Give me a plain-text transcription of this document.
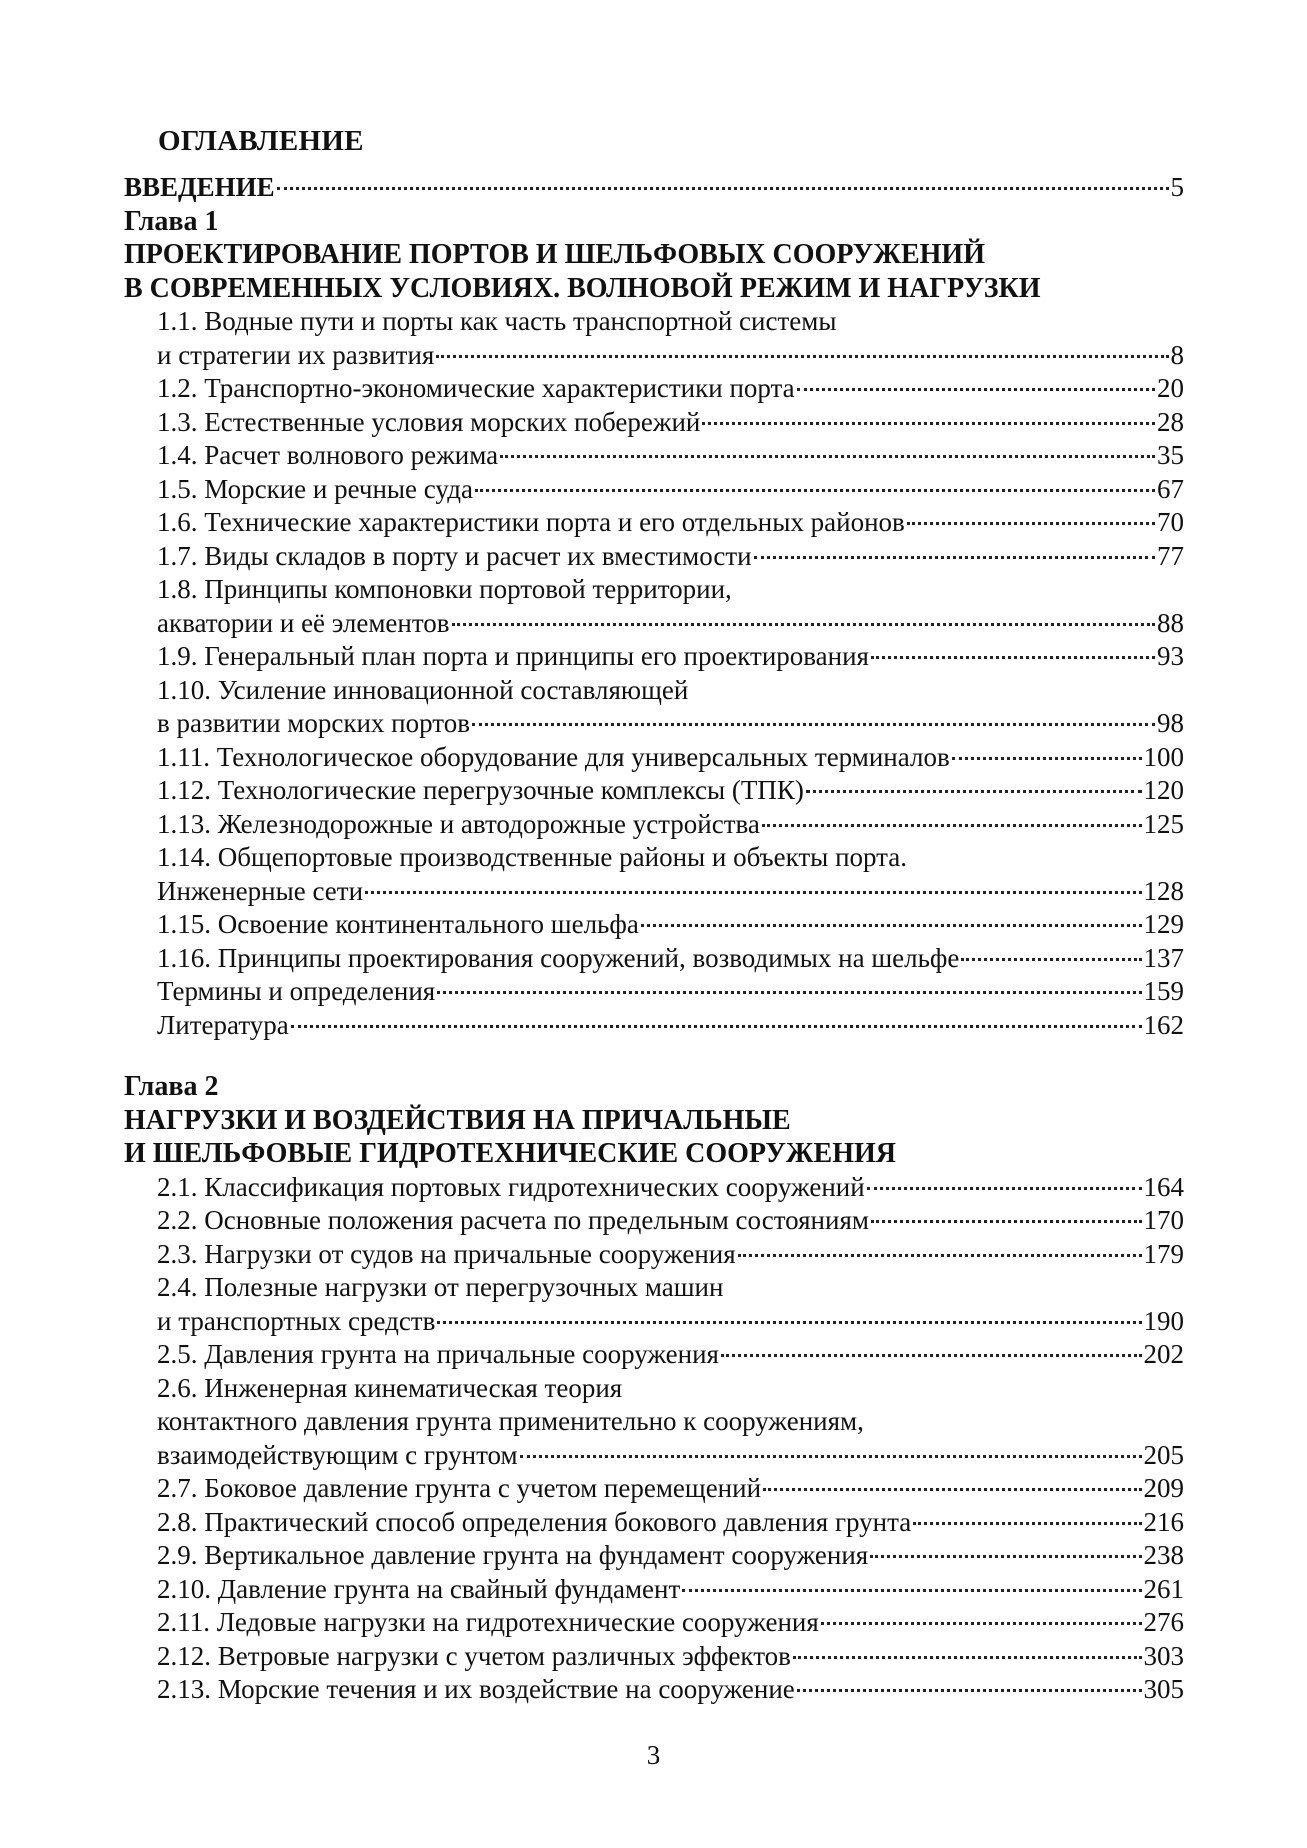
ОГЛАВЛЕНИЕ
ВВЕДЕНИЕ	5
Глава 1
ПРОЕКТИРОВАНИЕ ПОРТОВ И ШЕЛЬФОВЫХ СООРУЖЕНИЙ
В СОВРЕМЕННЫХ УСЛОВИЯХ. ВОЛНОВОЙ РЕЖИМ И НАГРУЗКИ
1.1. Водные пути и порты как часть транспортной системы
и стратегии их развития	8
1.2. Транспортно-экономические характеристики порта	20
1.3. Естественные условия морских побережий	28
1.4. Расчет волнового режима	35
1.5. Морские и речные суда	67
1.6. Технические характеристики порта и его отдельных районов	70
1.7. Виды складов в порту и расчет их вместимости	77
1.8. Принципы компоновки портовой территории,
акватории и её элементов	88
1.9. Генеральный план порта и принципы его проектирования	93
1.10. Усиление инновационной составляющей
в развитии морских портов	98
1.11. Технологическое оборудование для универсальных терминалов	100
1.12. Технологические перегрузочные комплексы (ТПК)	120
1.13. Железнодорожные и автодорожные устройства	125
1.14. Общепортовые производственные районы и объекты порта.
Инженерные сети	128
1.15. Освоение континентального шельфа	129
1.16. Принципы проектирования сооружений, возводимых на шельфе	137
Термины и определения	159
Литература	162
Глава 2
НАГРУЗКИ И ВОЗДЕЙСТВИЯ НА ПРИЧАЛЬНЫЕ
И ШЕЛЬФОВЫЕ ГИДРОТЕХНИЧЕСКИЕ СООРУЖЕНИЯ
2.1. Классификация портовых гидротехнических сооружений	164
2.2. Основные положения расчета по предельным состояниям	170
2.3. Нагрузки от судов на причальные сооружения	179
2.4. Полезные нагрузки от перегрузочных машин
и транспортных средств	190
2.5. Давления грунта на причальные сооружения	202
2.6. Инженерная кинематическая теория
контактного давления грунта применительно к сооружениям,
взаимодействующим с грунтом	205
2.7. Боковое давление грунта с учетом перемещений	209
2.8. Практический способ определения бокового давления грунта	216
2.9. Вертикальное давление грунта на фундамент сооружения	238
2.10. Давление грунта на свайный фундамент	261
2.11. Ледовые нагрузки на гидротехнические сооружения	276
2.12. Ветровые нагрузки с учетом различных эффектов	303
2.13. Морские течения и их воздействие на сооружение	305
3
